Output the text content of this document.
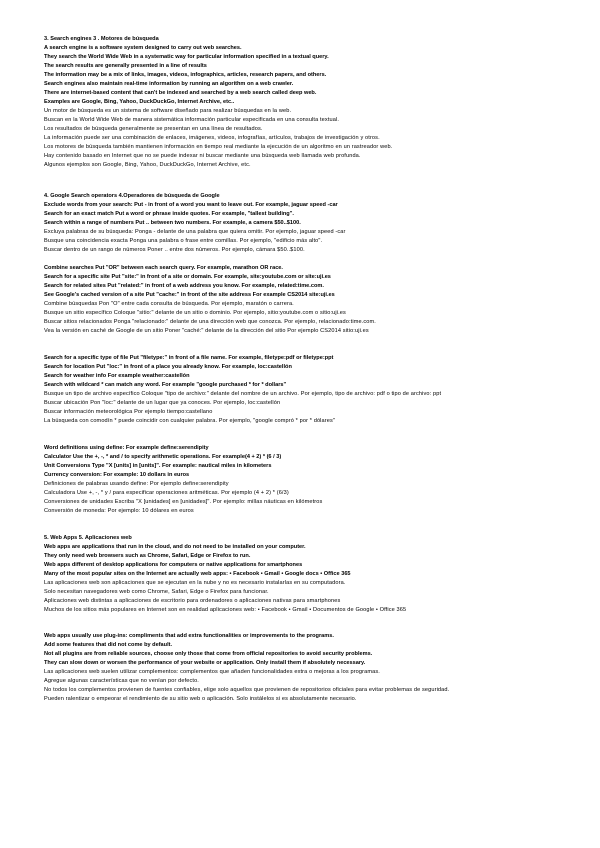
3. Search engines 3 . Motores de búsqueda
A search engine is a software system designed to carry out web searches.
They search the World Wide Web in a systematic way for particular information specified in a textual query.
The search results are generally presented in a line of results
The information may be a mix of links, images, videos, infographics, articles, research papers, and others.
Search engines also maintain real-time information by running an algorithm on a web crawler.
There are internet-based content that can't be indexed and searched by a web search called deep web.
Examples are Google, Bing, Yahoo, DuckDuckGo, Internet Archive, etc..
Un motor de búsqueda es un sistema de software diseñado para realizar búsquedas en la web.
Buscan en la World Wide Web de manera sistemática información particular especificada en una consulta textual.
Los resultados de búsqueda generalmente se presentan en una línea de resultados.
La información puede ser una combinación de enlaces, imágenes, videos, infografías, artículos, trabajos de investigación y otros.
Los motores de búsqueda también mantienen información en tiempo real mediante la ejecución de un algoritmo en un rastreador web.
Hay contenido basado en Internet que no se puede indexar ni buscar mediante una búsqueda web llamada web profunda.
Algunos ejemplos son Google, Bing, Yahoo, DuckDuckGo, Internet Archive, etc.
4. Google Search operators 4.Operadores de búsqueda de Google
Exclude words from your search: Put - in front of a word you want to leave out. For example, jaguar speed -car
Search for an exact match Put a word or phrase inside quotes. For example, "tallest building".
Search within a range of numbers Put .. between two numbers. For example, a camera $50..$100.
Excluya palabras de su búsqueda: Ponga - delante de una palabra que quiera omitir. Por ejemplo, jaguar speed -car
Busque una coincidencia exacta Ponga una palabra o frase entre comillas. Por ejemplo, "edificio más alto".
Buscar dentro de un rango de números Poner .. entre dos números. Por ejemplo, cámara $50..$100.
Combine searches Put "OR" between each search query. For example, marathon OR race.
Search for a specific site Put "site:" in front of a site or domain. For example, site:youtube.com or site:uji.es
Search for related sites Put "related:" in front of a web address you know. For example, related:time.com.
See Google's cached version of a site Put "cache:" in front of the site address For example CS2014 site:uji.es
Combine búsquedas Pon "O" entre cada consulta de búsqueda. Por ejemplo, maratón o carrera.
Busque un sitio específico Coloque "sitio:" delante de un sitio o dominio. Por ejemplo, sitio:youtube.com o sitio:uji.es
Buscar sitios relacionados Ponga "relacionado:" delante de una dirección web que conozca. Por ejemplo, relacionado:time.com.
Vea la versión en caché de Google de un sitio Poner "caché:" delante de la dirección del sitio Por ejemplo CS2014 sitio:uji.es
Search for a specific type of file Put "filetype:" in front of a file name. For example, filetype:pdf or filetype:ppt
Search for location Put "loc:" in front of a place you already know. For example, loc:castellón
Search for weather info For example weather:castellón
Search with wildcard * can match any word. For example "google purchased * for * dollars"
Busque un tipo de archivo específico Coloque "tipo de archivo:" delante del nombre de un archivo. Por ejemplo, tipo de archivo: pdf o tipo de archivo: ppt
Buscar ubicación Pon "loc:" delante de un lugar que ya conoces. Por ejemplo, loc:castellón
Buscar información meteorológica Por ejemplo tiempo:castellano
La búsqueda con comodín * puede coincidir con cualquier palabra. Por ejemplo, "google compró * por * dólares"
Word definitions using define: For example define:serendipity
Calculator Use the +, -, * and / to specify arithmetic operations. For example(4 + 2) * (6 / 3)
Unit Conversions Type "X [units] in [units]". For example: nautical miles in kilometers
Currency conversion: For example: 10 dollars in euros
Definiciones de palabras usando define: Por ejemplo define:serendipity
Calculadora Use +, -, * y / para especificar operaciones aritméticas. Por ejemplo (4 + 2) * (6/3)
Conversiones de unidades Escriba "X [unidades] en [unidades]". Por ejemplo: millas náuticas en kilómetros
Conversión de moneda: Por ejemplo: 10 dólares en euros
5. Web Apps 5. Aplicaciones web
Web apps are applications that run in the cloud, and do not need to be installed on your computer.
They only need web browsers such as Chrome, Safari, Edge or Firefox to run.
Web apps different of desktop applications for computers or native applications for smartphones
Many of the most popular sites on the Internet are actually web apps: • Facebook • Gmail • Google docs • Office 365
Las aplicaciones web son aplicaciones que se ejecutan en la nube y no es necesario instalarlas en su computadora.
Solo necesitan navegadores web como Chrome, Safari, Edge o Firefox para funcionar.
Aplicaciones web distintas a aplicaciones de escritorio para ordenadores o aplicaciones nativas para smartphones
Muchos de los sitios más populares en Internet son en realidad aplicaciones web: • Facebook • Gmail • Documentos de Google • Office 365
Web apps usually use plug-ins: compliments that add extra functionalities or improvements to the programs.
Add some features that did not come by default.
Not all plugins are from reliable sources, choose only those that come from official repositories to avoid security problems.
They can slow down or worsen the performance of your website or application. Only install them if absolutely necessary.
Las aplicaciones web suelen utilizar complementos: complementos que añaden funcionalidades extra o mejoras a los programas.
Agregue algunas características que no venían por defecto.
No todos los complementos provienen de fuentes confiables, elige solo aquellos que provienen de repositorios oficiales para evitar problemas de seguridad.
Pueden ralentizar o empeorar el rendimiento de su sitio web o aplicación. Solo instálelos si es absolutamente necesario.
